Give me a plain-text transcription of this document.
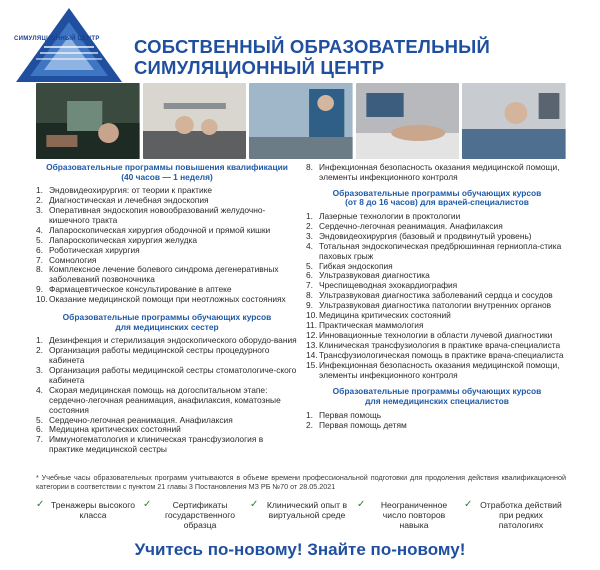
СИМУЛЯЦИОННЫЙ ЦЕНТР	СОБСТВЕННЫЙ ОБРАЗОВАТЕЛЬНЫЙ
СИМУЛЯЦИОННЫЙ ЦЕНТР
Образовательные программы повышения квалификации
(40 часов — 1 неделя)
1. Эндовидеохирургия: от теории к практике
2. Диагностическая и лечебная эндоскопия
3. Оперативная эндоскопия новообразований желудочно-кишечного тракта
4. Лапароскопическая хирургия ободочной и прямой кишки
5. Лапароскопическая хирургия желудка
6. Роботическая хирургия
7. Сомнология
8. Комплексное лечение болевого синдрома дегенеративных заболеваний позвоночника
9. Фармацевтическое консультирование в аптеке
10. Оказание медицинской помощи при неотложных состояниях
Образовательные программы обучающих курсов
для медицинских сестер
1. Дезинфекция и стерилизация эндоскопического оборудо-вания
2. Организация работы медицинской сестры процедурного кабинета
3. Организация работы медицинской сестры стоматологиче-ского кабинета
4. Скорая медицинская помощь на догоспитальном этапе: сердечно-легочная реанимация, анафилаксия, коматозные состояния
5. Сердечно-легочная реанимация. Анафилаксия
6. Медицина критических состояний
7. Иммуногематология и клиническая трансфузиология в практике медицинской сестры
8. Инфекционная безопасность оказания медицинской помощи, элементы инфекционного контроля
Образовательные программы обучающих курсов
(от 8 до 16 часов) для врачей-специалистов
1. Лазерные технологии в проктологии
2. Сердечно-легочная реанимация. Анафилаксия
3. Эндовидеохирургия (базовый и продвинутый уровень)
4. Тотальная эндоскопическая предбрюшинная герниопла-стика паховых грыж
5. Гибкая эндоскопия
6. Ультразвуковая диагностика
7. Чреспищеводная эхокардиография
8. Ультразвуковая диагностика заболеваний сердца и сосудов
9. Ультразвуковая диагностика патологии внутренних органов
10. Медицина критических состояний
11. Практическая маммология
12. Инновационные технологии в области лучевой диагностики
13. Клиническая трансфузиология в практике врача-специалиста
14. Трансфузиологическая помощь в практике врача-специалиста
15. Инфекционная безопасность оказания медицинской помощи, элементы инфекционного контроля
Образовательные программы обучающих курсов
для немедицинских специалистов
1. Первая помощь
2. Первая помощь детям
* Учебные часы образовательных программ учитываются в объеме времени профессиональной подготовки для продоления действия квалификационной категории в соответствии с пунктом 21 главы 3 Постановления МЗ РБ №70 от 28.05.2021
✓ Тренажеры высокого класса
✓	Сертификаты государственного образца
✓ Клинический опыт в виртуальной среде
✓	Неограниченное число повторов навыка
✓ Отработка действий при редких патологиях
Учитесь по-новому! Знайте по-новому!
